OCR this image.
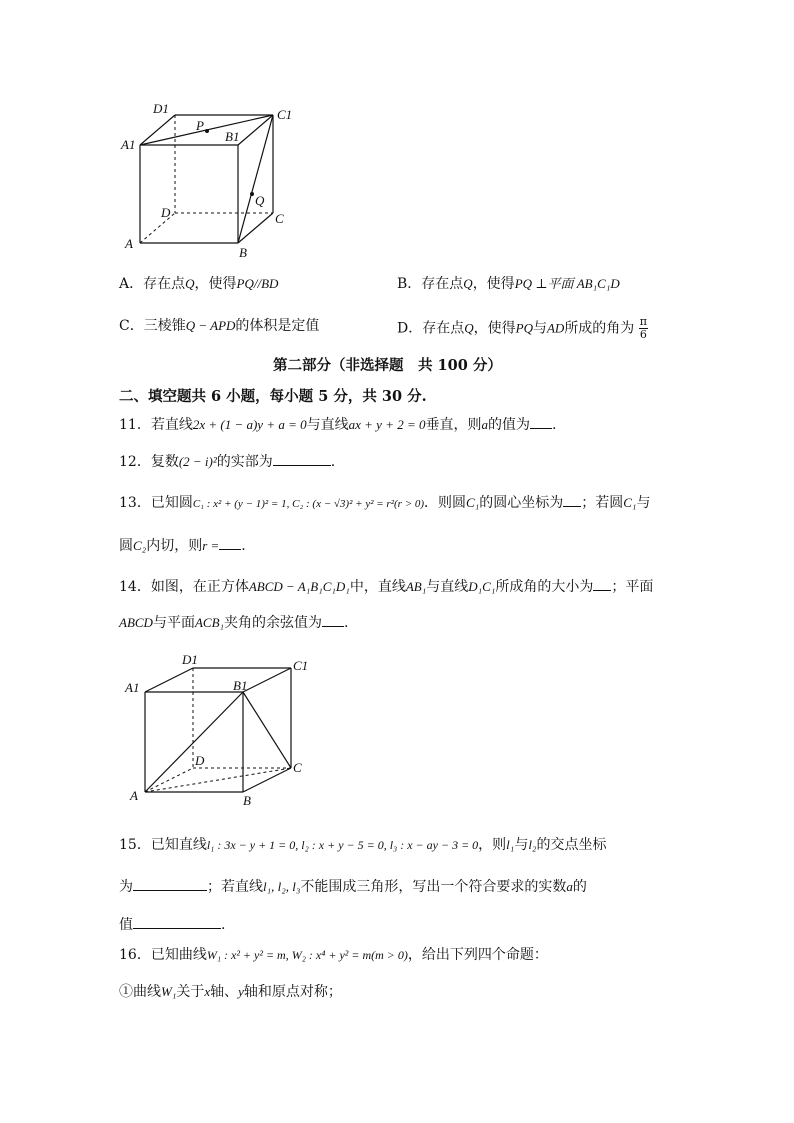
D1	C1
A1
B1
P
Q
D	C
A
B
A．存在点Q，使得PQ//BD	B．存在点Q，使得PQ ⊥平面 AB₁C₁D
C．三棱锥Q − APD的体积是定值	D．存在点Q，使得PQ与AD所成的角为 $\frac{\pi}{6}$
第二部分（非选择题　共 100 分）
二、填空题共 6 小题，每小题 5 分，共 30 分.
11．若直线2x + (1 − a)y + a = 0与直线ax + y + 2 = 0垂直，则a的值为 .
12．复数(2 − i)²的实部为	.
13．已知圆C₁ : x² + (y − 1)² = 1, C₂ : (x − √3)² + y² = r²(r > 0)．则圆C₁的圆心坐标为 ；若圆C₁与
圆C₂内切，则r = .
14．如图，在正方体ABCD − A₁B₁C₁D₁中，直线AB₁与直线D₁C₁所成角的大小为 ；平面
ABCD与平面ACB₁夹角的余弦值为 .
D1	C1
A1	B1
D	C
A	B
15．已知直线l₁ : 3x − y + 1 = 0, l₂ : x + y − 5 = 0, l₃ : x − ay − 3 = 0，则l₁与l₂的交点坐标
为	；若直线l₁, l₂, l₃不能围成三角形，写出一个符合要求的实数a的
值	.
16．已知曲线W₁ : x² + y² = m, W₂ : x⁴ + y² = m(m > 0)，给出下列四个命题：
①曲线W₁关于x轴、y轴和原点对称；
